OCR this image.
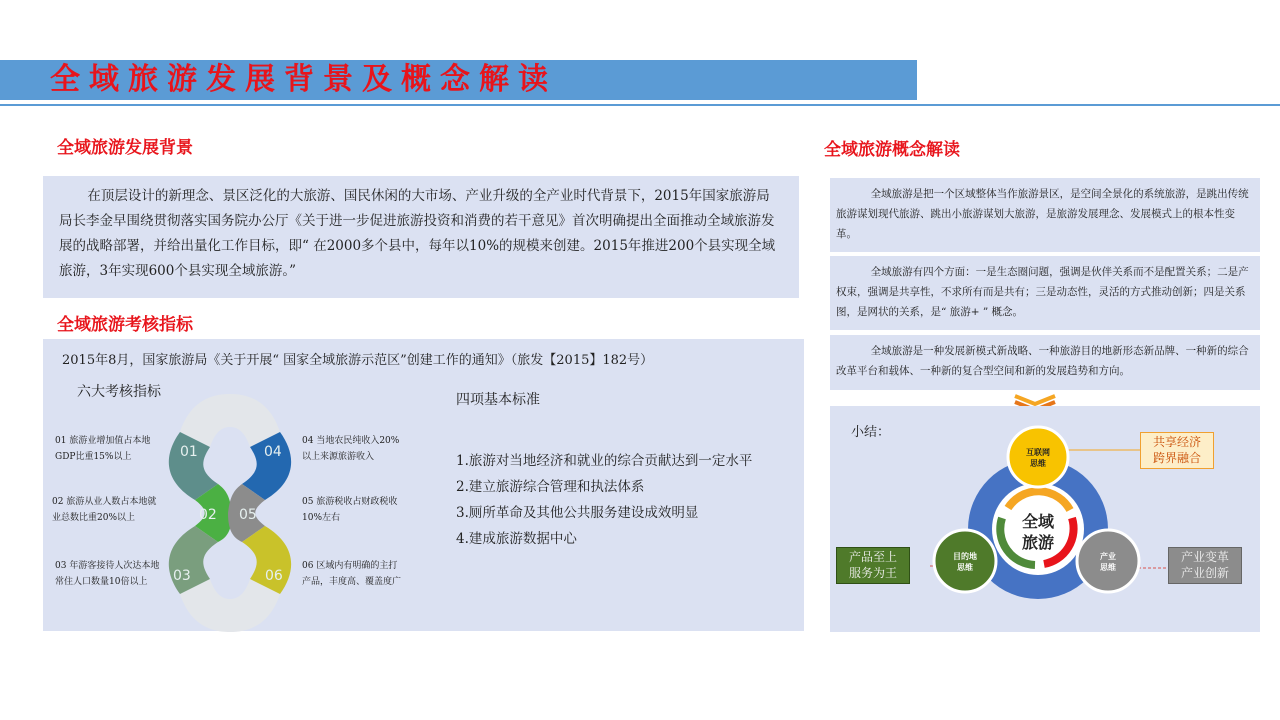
全域旅游发展背景及概念解读
全域旅游发展背景
在顶层设计的新理念、景区泛化的大旅游、国民休闲的大市场、产业升级的全产业时代背景下，2015年国家旅游局局长李金早围绕贯彻落实国务院办公厅《关于进一步促进旅游投资和消费的若干意见》首次明确提出全面推动全域旅游发展的战略部署，并给出量化工作目标，即“ 在2000多个县中，每年以10%的规模来创建。2015年推进200个县实现全域旅游，3年实现600个县实现全域旅游。”
全域旅游考核指标
2015年8月，国家旅游局《关于开展“ 国家全域旅游示范区”创建工作的通知》（旅发【2015】182号）
六大考核指标
01	04
02 05
03	06
01 旅游业增加值占本地GDP比重15%以上
02 旅游从业人数占本地就业总数比重20%以上
03 年游客接待人次达本地常住人口数量10倍以上
04 当地农民纯收入20%以上来源旅游收入
05 旅游税收占财政税收10%左右
06 区域内有明确的主打产品，丰度高、覆盖度广
四项基本标准
1.旅游对当地经济和就业的综合贡献达到一定水平
2.建立旅游综合管理和执法体系
3.厕所革命及其他公共服务建设成效明显
4.建成旅游数据中心
全域旅游概念解读
全域旅游是把一个区域整体当作旅游景区，是空间全景化的系统旅游，是跳出传统旅游谋划现代旅游、跳出小旅游谋划大旅游，是旅游发展理念、发展模式上的根本性变革。
全域旅游有四个方面：一是生态圈问题，强调是伙伴关系而不是配置关系；二是产权束，强调是共享性，不求所有而是共有；三是动态性，灵活的方式推动创新；四是关系图，是网状的关系，是“ 旅游+ ” 概念。
全域旅游是一种发展新模式新战略、一种旅游目的地新形态新品牌、一种新的综合改革平台和载体、一种新的复合型空间和新的发展趋势和方向。
小结：
全域
旅游
互联网
思维
目的地
思维
产业
思维
共享经济
跨界融合
产品至上
服务为王
产业变革
产业创新
